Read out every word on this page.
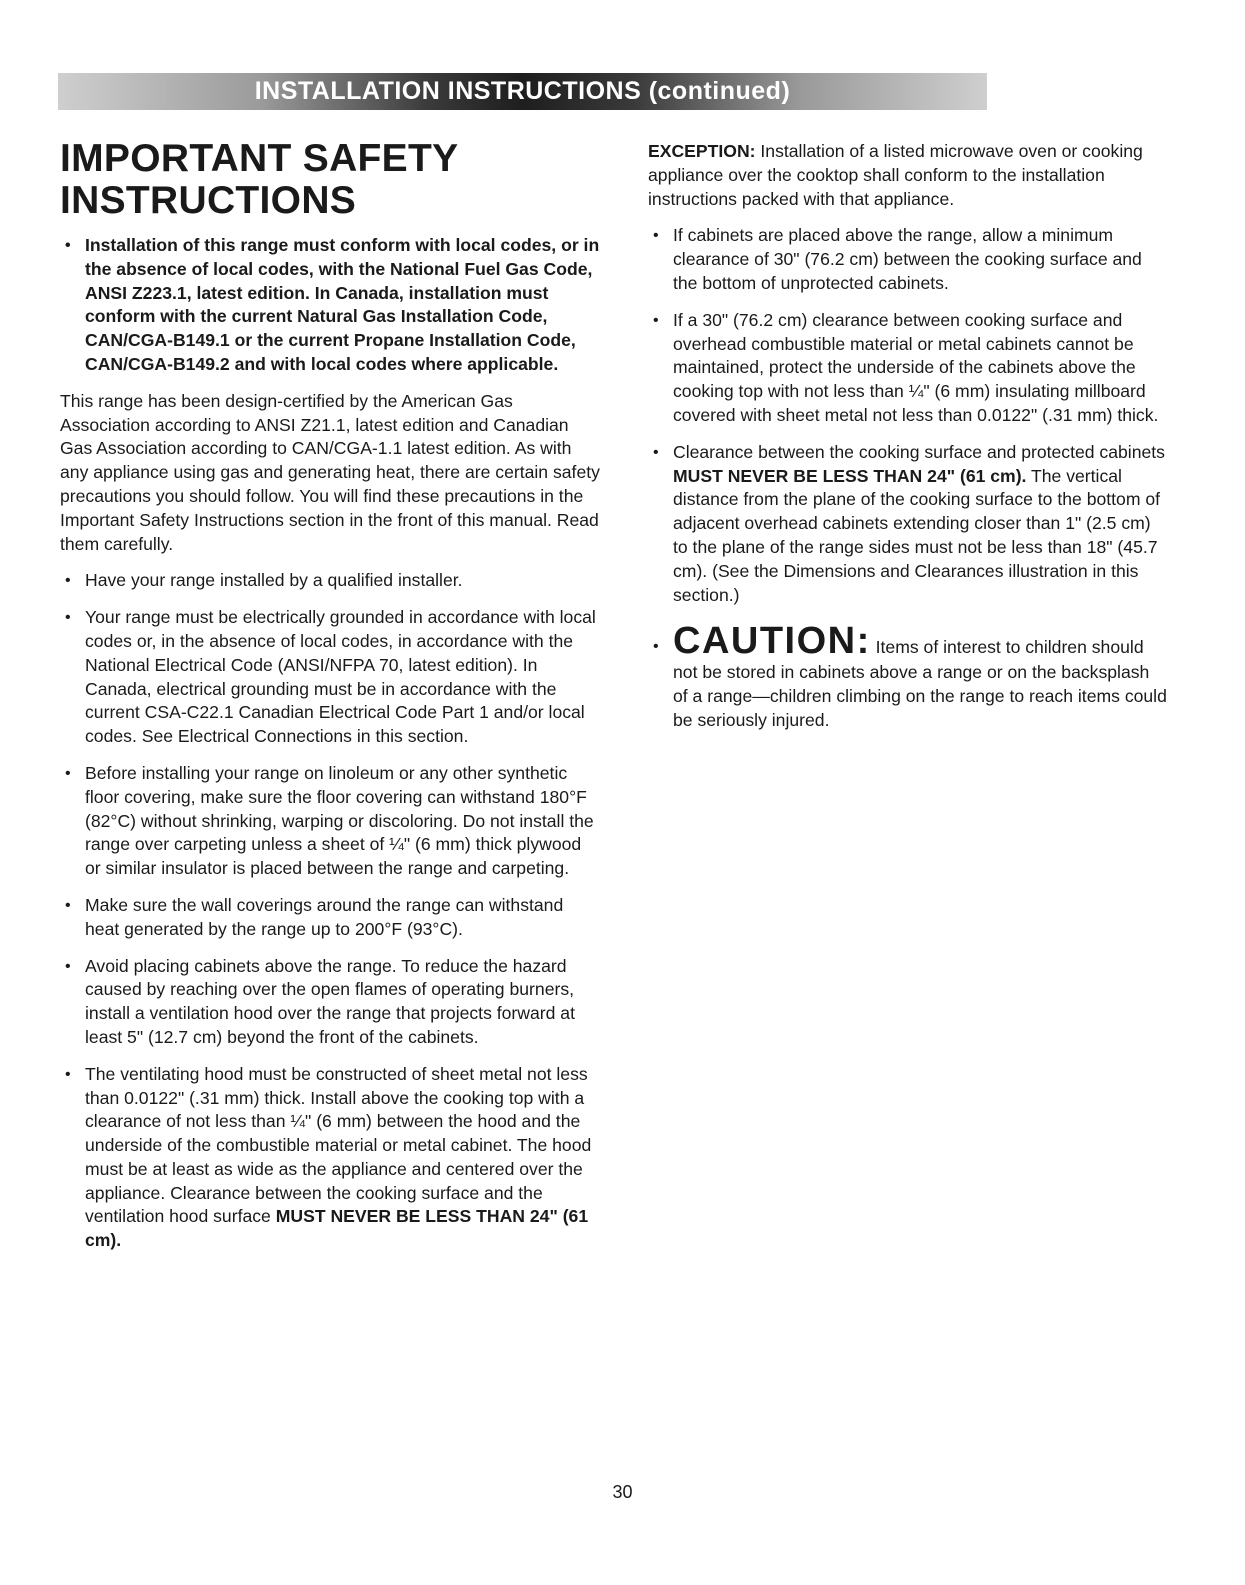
INSTALLATION INSTRUCTIONS (continued)
IMPORTANT SAFETY
INSTRUCTIONS
• Installation of this range must conform with local codes, or in the absence of local codes, with the National Fuel Gas Code, ANSI Z223.1, latest edition. In Canada, installation must conform with the current Natural Gas Installation Code, CAN/CGA-B149.1 or the current Propane Installation Code, CAN/CGA-B149.2 and with local codes where applicable.

This range has been design-certified by the American Gas Association according to ANSI Z21.1, latest edition and Canadian Gas Association according to CAN/CGA-1.1 latest edition. As with any appliance using gas and generating heat, there are certain safety precautions you should follow. You will find these precautions in the Important Safety Instructions section in the front of this manual. Read them carefully.

• Have your range installed by a qualified installer.
• Your range must be electrically grounded in accordance with local codes or, in the absence of local codes, in accordance with the National Electrical Code (ANSI/NFPA 70, latest edition). In Canada, electrical grounding must be in accordance with the current CSA-C22.1 Canadian Electrical Code Part 1 and/or local codes. See Electrical Connections in this section.
• Before installing your range on linoleum or any other synthetic floor covering, make sure the floor covering can withstand 180°F (82°C) without shrinking, warping or discoloring. Do not install the range over carpeting unless a sheet of ¼" (6 mm) thick plywood or similar insulator is placed between the range and carpeting.
• Make sure the wall coverings around the range can withstand heat generated by the range up to 200°F (93°C).
• Avoid placing cabinets above the range. To reduce the hazard caused by reaching over the open flames of operating burners, install a ventilation hood over the range that projects forward at least 5" (12.7 cm) beyond the front of the cabinets.
• The ventilating hood must be constructed of sheet metal not less than 0.0122" (.31 mm) thick. Install above the cooking top with a clearance of not less than ¼" (6 mm) between the hood and the underside of the combustible material or metal cabinet. The hood must be at least as wide as the appliance and centered over the appliance. Clearance between the cooking surface and the ventilation hood surface MUST NEVER BE LESS THAN 24" (61 cm).

EXCEPTION: Installation of a listed microwave oven or cooking appliance over the cooktop shall conform to the installation instructions packed with that appliance.

• If cabinets are placed above the range, allow a minimum clearance of 30" (76.2 cm) between the cooking surface and the bottom of unprotected cabinets.
• If a 30" (76.2 cm) clearance between cooking surface and overhead combustible material or metal cabinets cannot be maintained, protect the underside of the cabinets above the cooking top with not less than ¼" (6 mm) insulating millboard covered with sheet metal not less than 0.0122" (.31 mm) thick.
• Clearance between the cooking surface and protected cabinets MUST NEVER BE LESS THAN 24" (61 cm). The vertical distance from the plane of the cooking surface to the bottom of adjacent overhead cabinets extending closer than 1" (2.5 cm) to the plane of the range sides must not be less than 18" (45.7 cm). (See the Dimensions and Clearances illustration in this section.)
• CAUTION: Items of interest to children should not be stored in cabinets above a range or on the backsplash of a range—children climbing on the range to reach items could be seriously injured.
30
